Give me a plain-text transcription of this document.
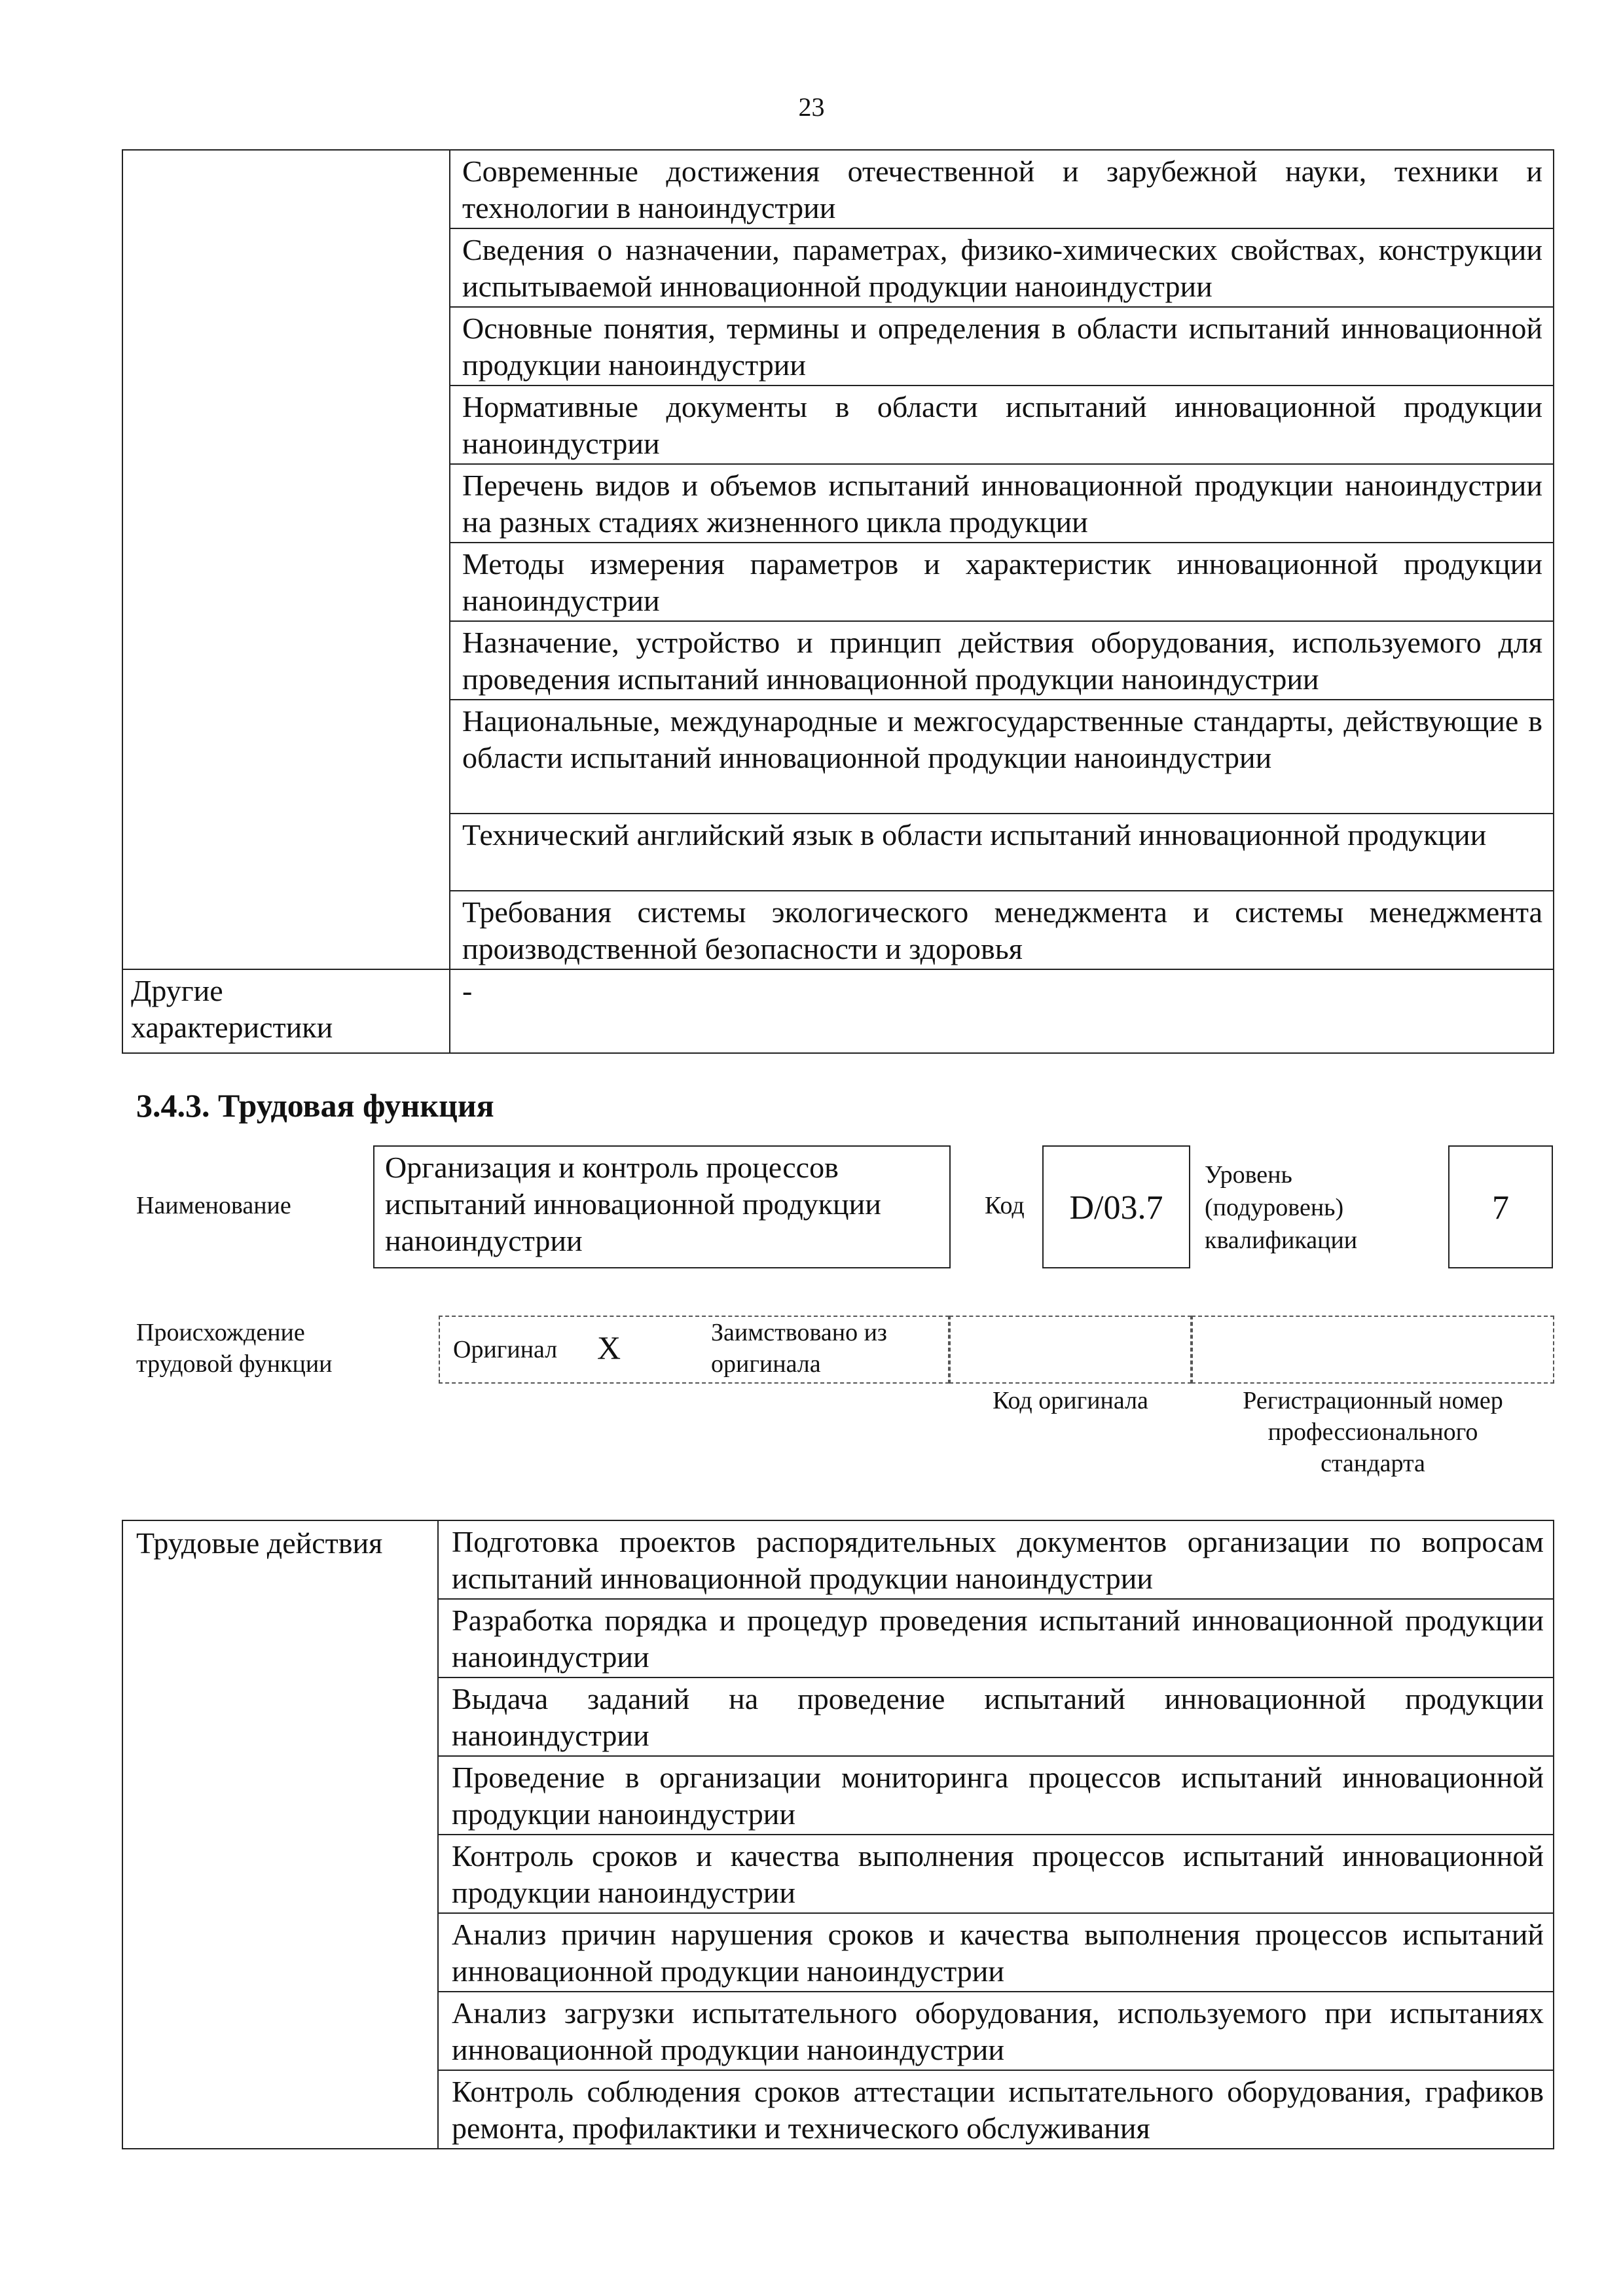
23

	Современные достижения отечественной и зарубежной науки, техники и технологии в наноиндустрии

	Сведения о назначении, параметрах, физико-химических свойствах, конструкции испытываемой инновационной продукции наноиндустрии

	Основные понятия, термины и определения в области испытаний инновационной продукции наноиндустрии

	Нормативные документы в области испытаний инновационной продукции наноиндустрии

	Перечень видов и объемов испытаний инновационной продукции наноиндустрии на разных стадиях жизненного цикла продукции

	Методы измерения параметров и характеристик инновационной продукции наноиндустрии

	Назначение, устройство и принцип действия оборудования, используемого для проведения испытаний инновационной продукции наноиндустрии

	Национальные, международные и межгосударственные стандарты, действующие в области испытаний инновационной продукции наноиндустрии

	Технический английский язык в области испытаний инновационной продукции

	Требования системы экологического менеджмента и системы менеджмента производственной безопасности и здоровья

Другие
характеристики	-
3.4.3. Трудовая функция
Наименование
Организация и контроль процессов испытаний инновационной продукции наноиндустрии
Код	D/03.7
Уровень
(подуровень)
квалификации
7
Происхождение
трудовой функции
Оригинал X	Заимствовано из
оригинала
Код оригинала	Регистрационный номер
профессионального
стандарта
Трудовые действия	Подготовка проектов распорядительных документов организации по вопросам испытаний инновационной продукции наноиндустрии

Разработка порядка и процедур проведения испытаний инновационной продукции наноиндустрии

Выдача заданий на проведение испытаний инновационной продукции наноиндустрии

Проведение в организации мониторинга процессов испытаний инновационной продукции наноиндустрии

Контроль сроков и качества выполнения процессов испытаний инновационной продукции наноиндустрии

Анализ причин нарушения сроков и качества выполнения процессов испытаний инновационной продукции наноиндустрии

Анализ загрузки испытательного оборудования, используемого при испытаниях инновационной продукции наноиндустрии

Контроль соблюдения сроков аттестации испытательного оборудования, графиков ремонта, профилактики и технического обслуживания
